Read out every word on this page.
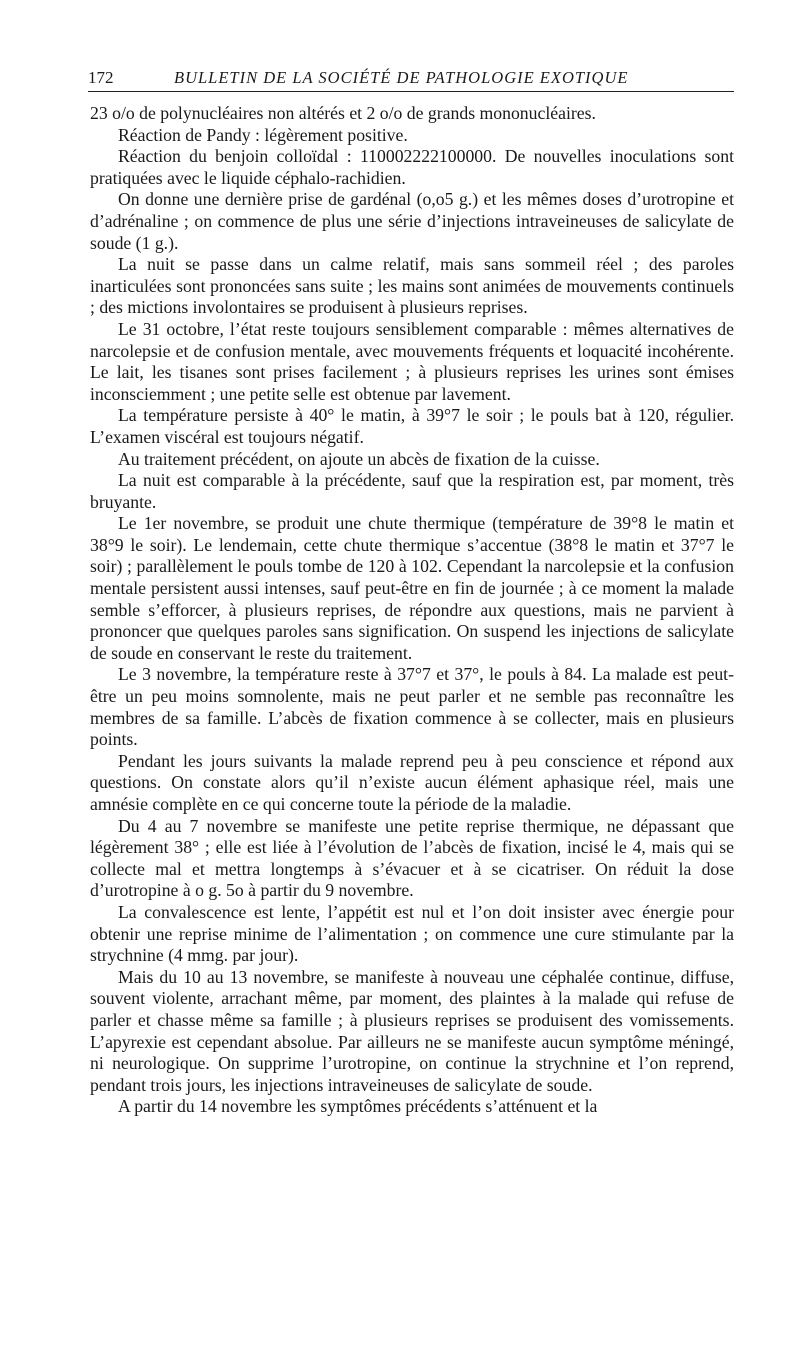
172	BULLETIN DE LA SOCIÉTÉ DE PATHOLOGIE EXOTIQUE

23 o/o de polynucléaires non altérés et 2 o/o de grands mononucléaires.

Réaction de Pandy : légèrement positive.

Réaction du benjoin colloïdal : 110002222100000. De nouvelles inoculations sont pratiquées avec le liquide céphalo-rachidien.

On donne une dernière prise de gardénal (o,o5 g.) et les mêmes doses d’urotropine et d’adrénaline ; on commence de plus une série d’injections intraveineuses de salicylate de soude (1 g.).

La nuit se passe dans un calme relatif, mais sans sommeil réel ; des paroles inarticulées sont prononcées sans suite ; les mains sont animées de mouvements continuels ; des mictions involontaires se produisent à plusieurs reprises.

Le 31 octobre, l’état reste toujours sensiblement comparable : mêmes alternatives de narcolepsie et de confusion mentale, avec mouvements fréquents et loquacité incohérente. Le lait, les tisanes sont prises facilement ; à plusieurs reprises les urines sont émises inconsciemment ; une petite selle est obtenue par lavement.

La température persiste à 40° le matin, à 39°7 le soir ; le pouls bat à 120, régulier. L’examen viscéral est toujours négatif.

Au traitement précédent, on ajoute un abcès de fixation de la cuisse.

La nuit est comparable à la précédente, sauf que la respiration est, par moment, très bruyante.

Le 1er novembre, se produit une chute thermique (température de 39°8 le matin et 38°9 le soir). Le lendemain, cette chute thermique s’accentue (38°8 le matin et 37°7 le soir) ; parallèlement le pouls tombe de 120 à 102. Cependant la narcolepsie et la confusion mentale persistent aussi intenses, sauf peut-être en fin de journée ; à ce moment la malade semble s’efforcer, à plusieurs reprises, de répondre aux questions, mais ne parvient à prononcer que quelques paroles sans signification. On suspend les injections de salicylate de soude en conservant le reste du traitement.

Le 3 novembre, la température reste à 37°7 et 37°, le pouls à 84. La malade est peut-être un peu moins somnolente, mais ne peut parler et ne semble pas reconnaître les membres de sa famille. L’abcès de fixation commence à se collecter, mais en plusieurs points.

Pendant les jours suivants la malade reprend peu à peu conscience et répond aux questions. On constate alors qu’il n’existe aucun élément aphasique réel, mais une amnésie complète en ce qui concerne toute la période de la maladie.

Du 4 au 7 novembre se manifeste une petite reprise thermique, ne dépassant que légèrement 38° ; elle est liée à l’évolution de l’abcès de fixation, incisé le 4, mais qui se collecte mal et mettra longtemps à s’évacuer et à se cicatriser. On réduit la dose d’urotropine à o g. 5o à partir du 9 novembre.

La convalescence est lente, l’appétit est nul et l’on doit insister avec énergie pour obtenir une reprise minime de l’alimentation ; on commence une cure stimulante par la strychnine (4 mmg. par jour).

Mais du 10 au 13 novembre, se manifeste à nouveau une céphalée continue, diffuse, souvent violente, arrachant même, par moment, des plaintes à la malade qui refuse de parler et chasse même sa famille ; à plusieurs reprises se produisent des vomissements. L’apyrexie est cependant absolue. Par ailleurs ne se manifeste aucun symptôme méningé, ni neurologique. On supprime l’urotropine, on continue la strychnine et l’on reprend, pendant trois jours, les injections intraveineuses de salicylate de soude.

A partir du 14 novembre les symptômes précédents s’atténuent et la
